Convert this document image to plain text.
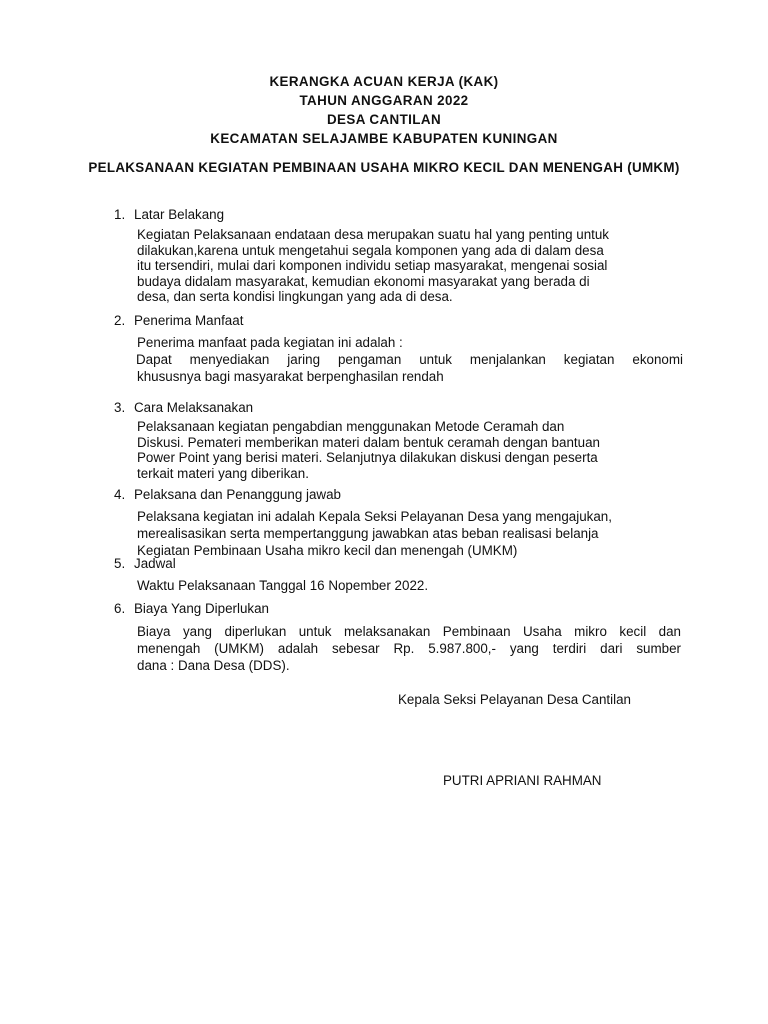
KERANGKA ACUAN KERJA (KAK)
TAHUN ANGGARAN 2022
DESA CANTILAN
KECAMATAN SELAJAMBE KABUPATEN KUNINGAN
PELAKSANAAN KEGIATAN PEMBINAAN USAHA MIKRO KECIL DAN MENENGAH (UMKM)
1. Latar Belakang
Kegiatan Pelaksanaan endataan desa merupakan suatu hal yang penting untuk
dilakukan,karena untuk mengetahui segala komponen yang ada di dalam desa
itu tersendiri, mulai dari komponen individu setiap masyarakat, mengenai sosial
budaya didalam masyarakat, kemudian ekonomi masyarakat yang berada di
desa, dan serta kondisi lingkungan yang ada di desa.
2. Penerima Manfaat
Penerima manfaat pada kegiatan ini adalah :
Dapat menyediakan jaring pengaman untuk menjalankan kegiatan ekonomi
khususnya bagi masyarakat berpenghasilan rendah
3. Cara Melaksanakan
Pelaksanaan kegiatan pengabdian menggunakan Metode Ceramah dan
Diskusi. Pemateri memberikan materi dalam bentuk ceramah dengan bantuan
Power Point yang berisi materi. Selanjutnya dilakukan diskusi dengan peserta
terkait materi yang diberikan.
4. Pelaksana dan Penanggung jawab
Pelaksana kegiatan ini adalah Kepala Seksi Pelayanan Desa yang mengajukan,
merealisasikan serta mempertanggung jawabkan atas beban realisasi belanja
Kegiatan Pembinaan Usaha mikro kecil dan menengah (UMKM)
5. Jadwal
Waktu Pelaksanaan Tanggal 16 Nopember 2022.
6. Biaya Yang Diperlukan
Biaya yang diperlukan untuk melaksanakan Pembinaan Usaha mikro kecil dan
menengah (UMKM) adalah sebesar Rp. 5.987.800,- yang terdiri dari sumber
dana : Dana Desa (DDS).
Kepala Seksi Pelayanan Desa Cantilan
PUTRI APRIANI RAHMAN
